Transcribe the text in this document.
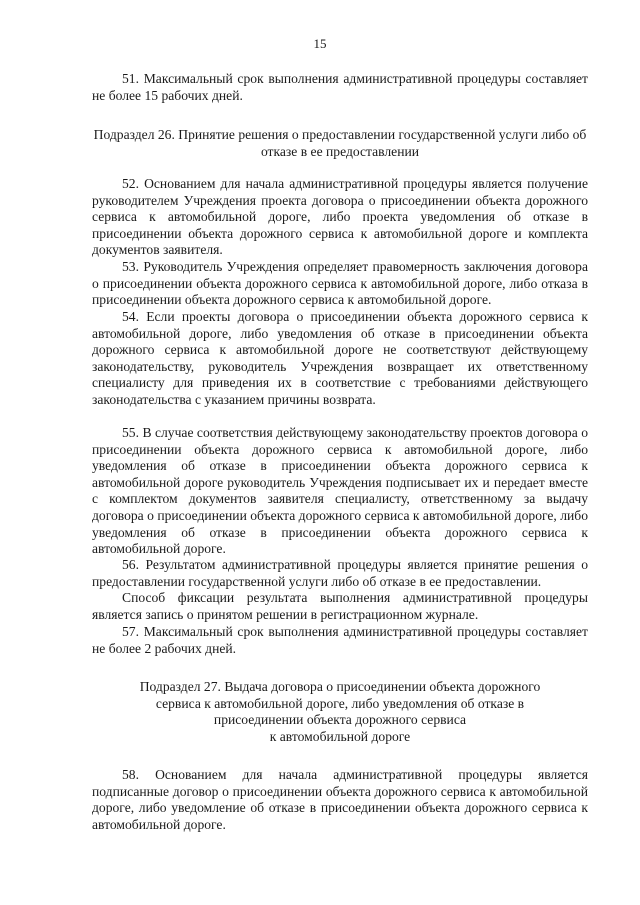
15

51. Максимальный срок выполнения административной процедуры составляет не более 15 рабочих дней.

Подраздел 26. Принятие решения о предоставлении государственной услуги либо об отказе в ее предоставлении

52. Основанием для начала административной процедуры является получение руководителем Учреждения проекта договора о присоединении объекта дорожного сервиса к автомобильной дороге, либо проекта уведомления об отказе в присоединении объекта дорожного сервиса к автомобильной дороге и комплекта документов заявителя.

53. Руководитель Учреждения определяет правомерность заключения договора о присоединении объекта дорожного сервиса к автомобильной дороге, либо отказа в присоединении объекта дорожного сервиса к автомобильной дороге.

54. Если проекты договора о присоединении объекта дорожного сервиса к автомобильной дороге, либо уведомления об отказе в присоединении объекта дорожного сервиса к автомобильной дороге не соответствуют действующему законодательству, руководитель Учреждения возвращает их ответственному специалисту для приведения их в соответствие с требованиями действующего законодательства с указанием причины возврата.

55. В случае соответствия действующему законодательству проектов договора о присоединении объекта дорожного сервиса к автомобильной дороге, либо уведомления об отказе в присоединении объекта дорожного сервиса к автомобильной дороге руководитель Учреждения подписывает их и передает вместе с комплектом документов заявителя специалисту, ответственному за выдачу договора о присоединении объекта дорожного сервиса к автомобильной дороге, либо уведомления об отказе в присоединении объекта дорожного сервиса к автомобильной дороге.

56. Результатом административной процедуры является принятие решения о предоставлении государственной услуги либо об отказе в ее предоставлении.

Способ фиксации результата выполнения административной процедуры является запись о принятом решении в регистрационном журнале.

57. Максимальный срок выполнения административной процедуры составляет не более 2 рабочих дней.

Подраздел 27. Выдача договора о присоединении объекта дорожного
сервиса к автомобильной дороге, либо уведомления об отказе в
присоединении объекта дорожного сервиса
к автомобильной дороге

58. Основанием для начала административной процедуры является подписанные договор о присоединении объекта дорожного сервиса к автомобильной дороге, либо уведомление об отказе в присоединении объекта дорожного сервиса к автомобильной дороге.
